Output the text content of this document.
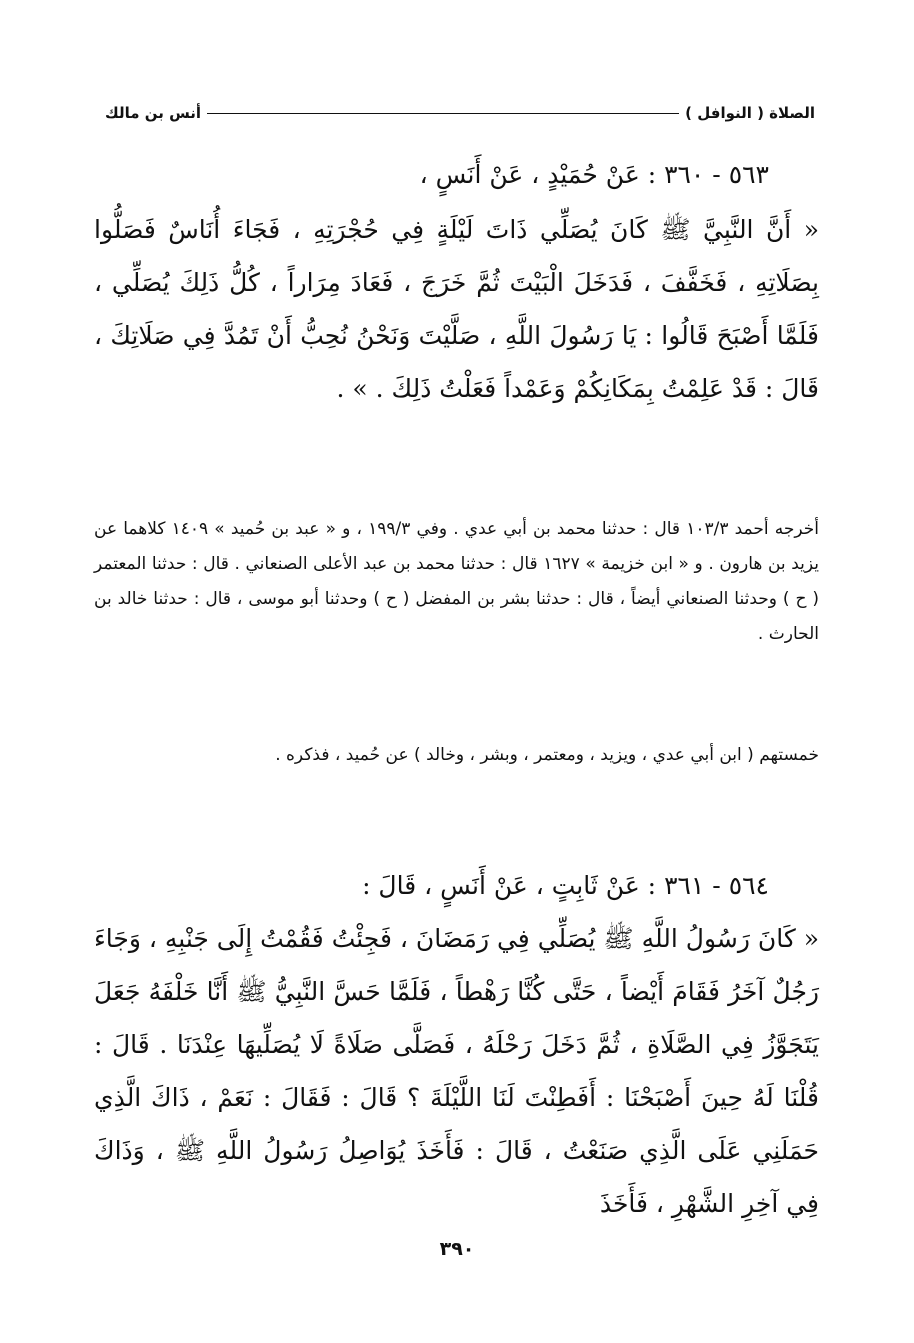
الصلاة ( النوافل )
أنس بن مالك
٥٦٣ - ٣٦٠ : عَنْ حُمَيْدٍ ، عَنْ أَنَسٍ ،
« أَنَّ النَّبِيَّ ﷺ كَانَ يُصَلِّي ذَاتَ لَيْلَةٍ فِي حُجْرَتِهِ ، فَجَاءَ أُنَاسٌ فَصَلُّوا بِصَلَاتِهِ ، فَخَفَّفَ ، فَدَخَلَ الْبَيْتَ ثُمَّ خَرَجَ ، فَعَادَ مِرَاراً ، كُلُّ ذَلِكَ يُصَلِّي ، فَلَمَّا أَصْبَحَ قَالُوا : يَا رَسُولَ اللَّهِ ، صَلَّيْتَ وَنَحْنُ نُحِبُّ أَنْ تَمُدَّ فِي صَلَاتِكَ ، قَالَ : قَدْ عَلِمْتُ بِمَكَانِكُمْ وَعَمْداً فَعَلْتُ ذَلِكَ . » .
أخرجه أحمد ١٠٣/٣ قال : حدثنا محمد بن أبي عدي . وفي ١٩٩/٣ ، و « عبد بن حُميد » ١٤٠٩ كلاهما عن يزيد بن هارون . و « ابن خزيمة » ١٦٢٧ قال : حدثنا محمد بن عبد الأعلى الصنعاني . قال : حدثنا المعتمر ( ح ) وحدثنا الصنعاني أيضاً ، قال : حدثنا بشر بن المفضل ( ح ) وحدثنا أبو موسى ، قال : حدثنا خالد بن الحارث .
خمستهم ( ابن أبي عدي ، ويزيد ، ومعتمر ، وبشر ، وخالد ) عن حُميد ، فذكره .
٥٦٤ - ٣٦١ : عَنْ ثَابِتٍ ، عَنْ أَنَسٍ ، قَالَ :
« كَانَ رَسُولُ اللَّهِ ﷺ يُصَلِّي فِي رَمَضَانَ ، فَجِئْتُ فَقُمْتُ إِلَى جَنْبِهِ ، وَجَاءَ رَجُلٌ آخَرُ فَقَامَ أَيْضاً ، حَتَّى كُنَّا رَهْطاً ، فَلَمَّا حَسَّ النَّبِيُّ ﷺ أَنَّا خَلْفَهُ جَعَلَ يَتَجَوَّزُ فِي الصَّلَاةِ ، ثُمَّ دَخَلَ رَحْلَهُ ، فَصَلَّى صَلَاةً لَا يُصَلِّيهَا عِنْدَنَا . قَالَ : قُلْنَا لَهُ حِينَ أَصْبَحْنَا : أَفَطِنْتَ لَنَا اللَّيْلَةَ ؟ قَالَ : فَقَالَ : نَعَمْ ، ذَاكَ الَّذِي حَمَلَنِي عَلَى الَّذِي صَنَعْتُ ، قَالَ : فَأَخَذَ يُوَاصِلُ رَسُولُ اللَّهِ ﷺ ، وَذَاكَ فِي آخِرِ الشَّهْرِ ، فَأَخَذَ
٣٩٠
